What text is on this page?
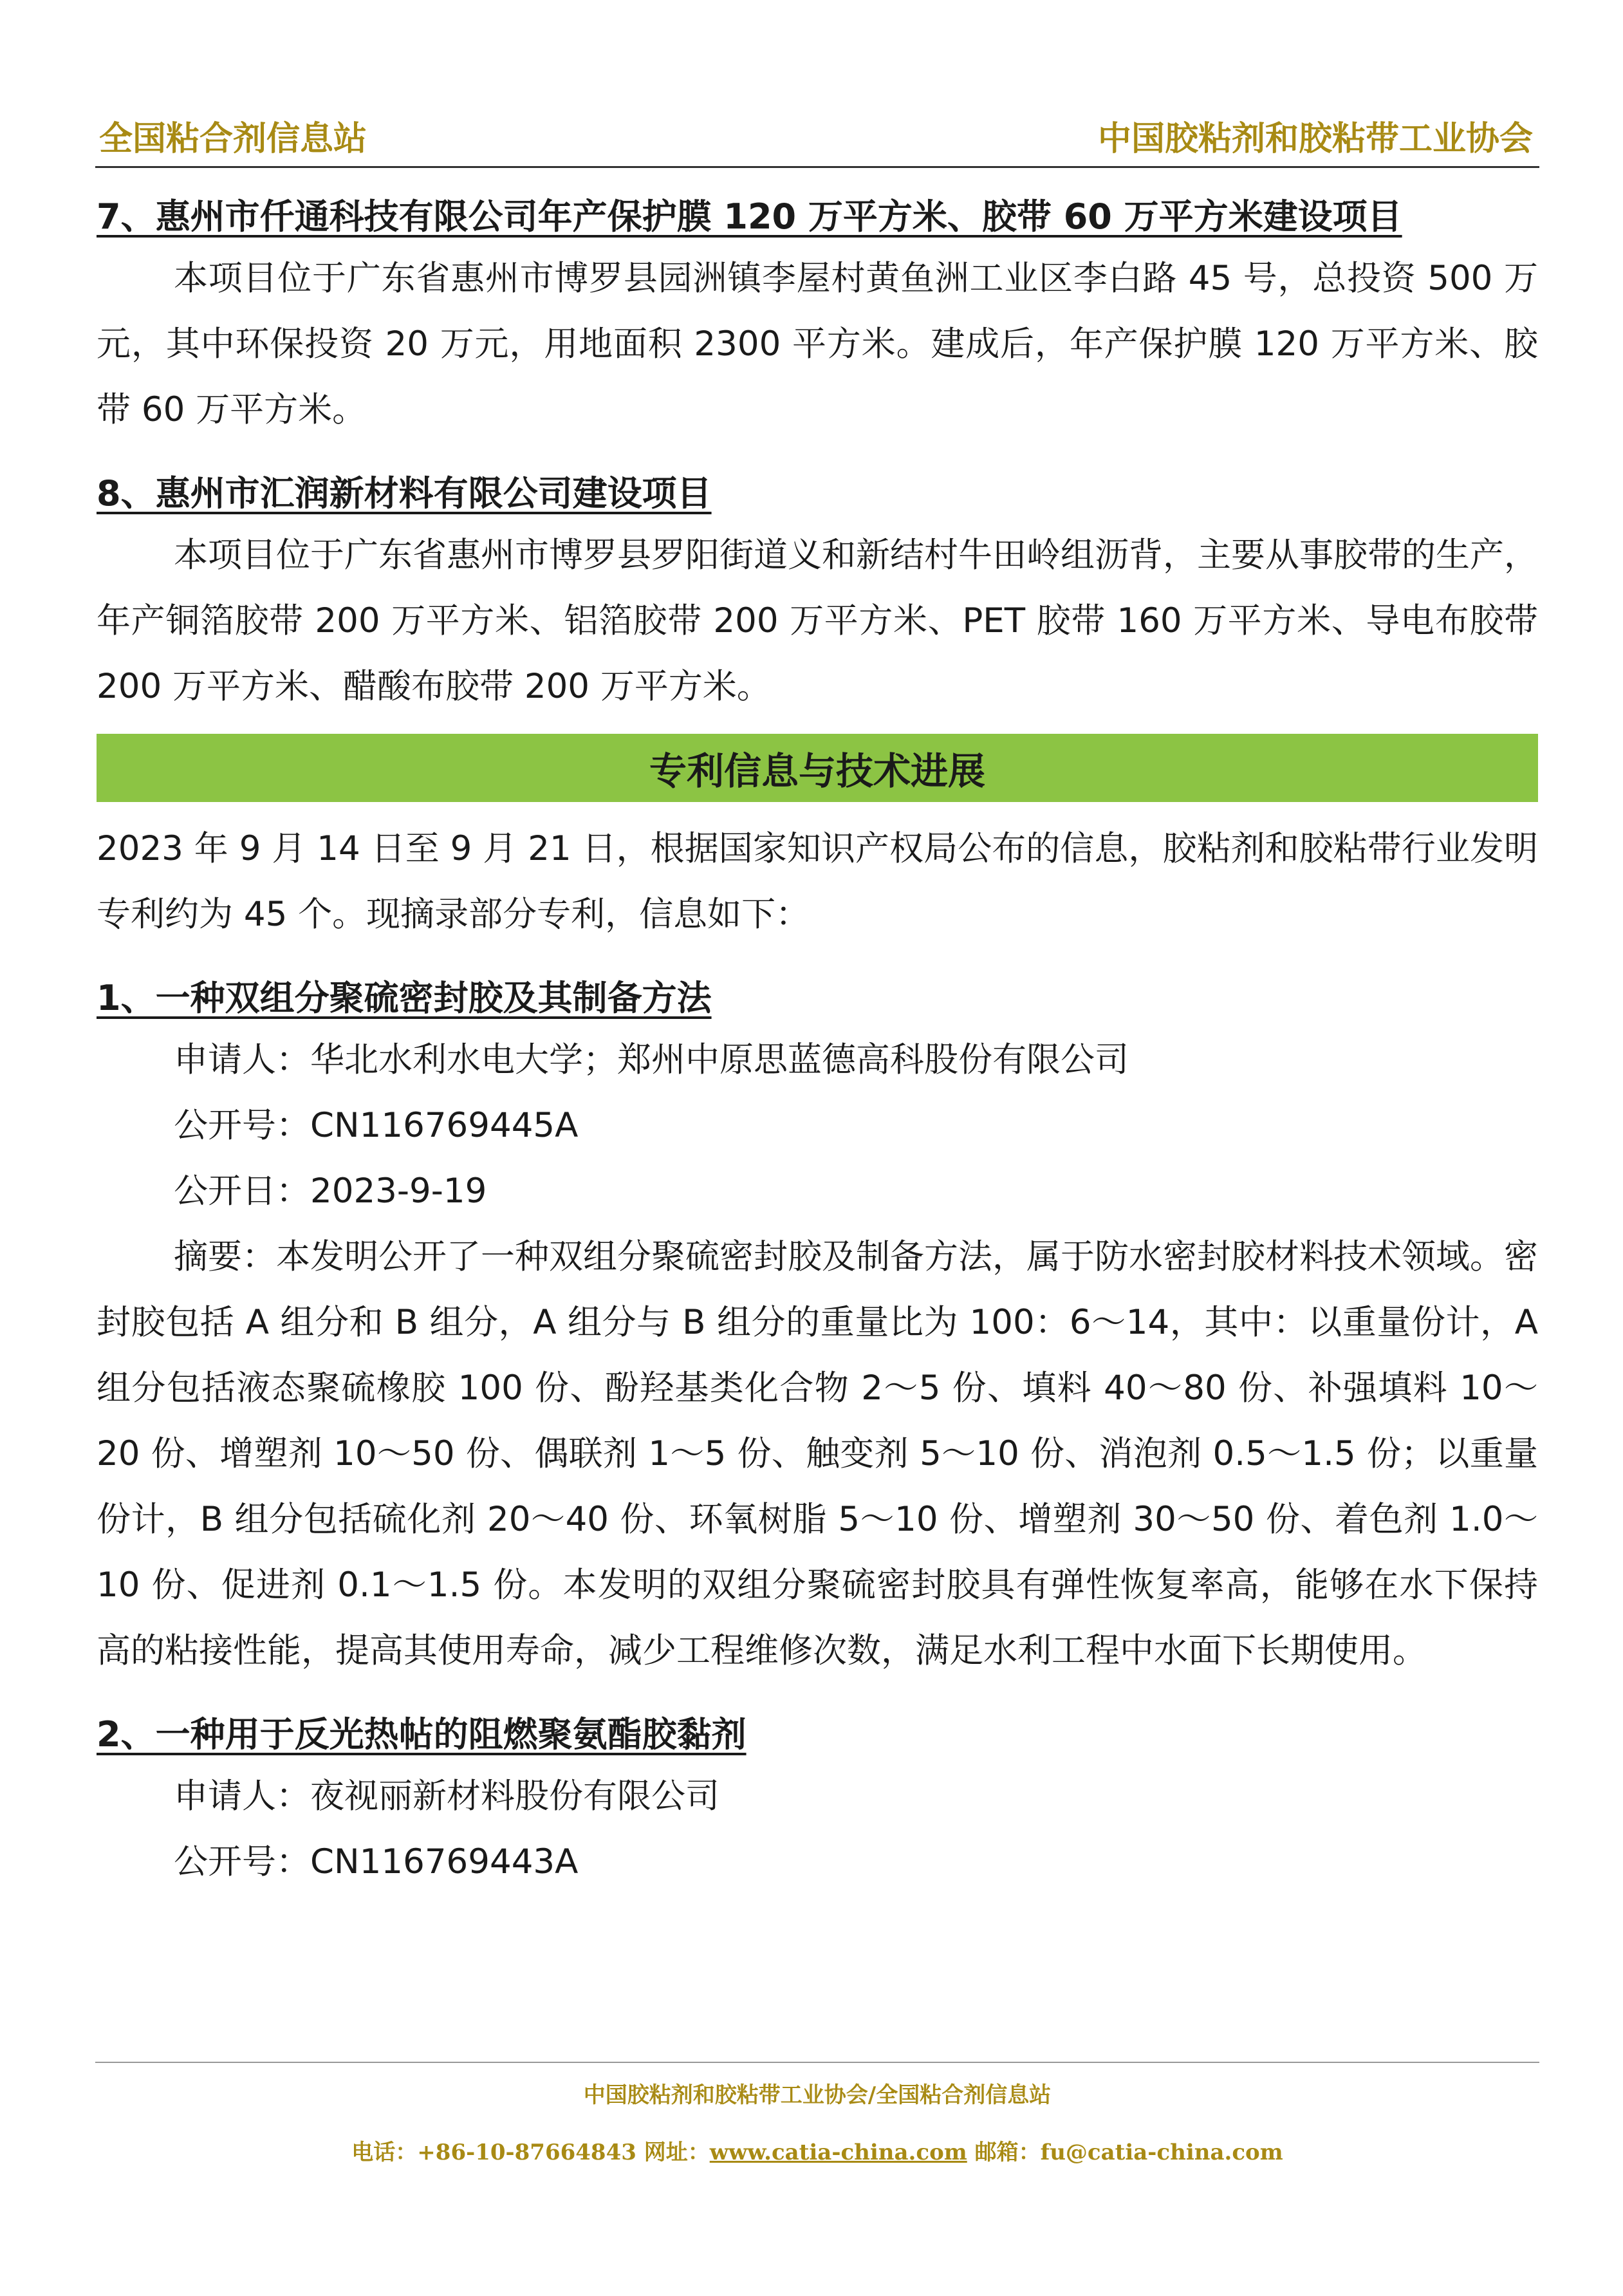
全国粘合剂信息站	中国胶粘剂和胶粘带工业协会
7、惠州市仟通科技有限公司年产保护膜 120 万平方米、胶带 60 万平方米建设项目

本项目位于广东省惠州市博罗县园洲镇李屋村黄鱼洲工业区李白路 45 号，总投资 500 万元，其中环保投资 20 万元，用地面积 2300 平方米。建成后，年产保护膜 120 万平方米、胶带 60 万平方米。

8、惠州市汇润新材料有限公司建设项目

本项目位于广东省惠州市博罗县罗阳街道义和新结村牛田岭组沥背，主要从事胶带的生产，年产铜箔胶带 200 万平方米、铝箔胶带 200 万平方米、PET 胶带 160 万平方米、导电布胶带 200 万平方米、醋酸布胶带 200 万平方米。

专利信息与技术进展

2023 年 9 月 14 日至 9 月 21 日，根据国家知识产权局公布的信息，胶粘剂和胶粘带行业发明专利约为 45 个。现摘录部分专利，信息如下：

1、一种双组分聚硫密封胶及其制备方法

申请人：华北水利水电大学；郑州中原思蓝德高科股份有限公司

公开号：CN116769445A

公开日：2023-9-19

摘要：本发明公开了一种双组分聚硫密封胶及制备方法，属于防水密封胶材料技术领域。密封胶包括 A 组分和 B 组分，A 组分与 B 组分的重量比为 100：6～14，其中：以重量份计，A 组分包括液态聚硫橡胶 100 份、酚羟基类化合物 2～5 份、填料 40～80 份、补强填料 10～20 份、增塑剂 10～50 份、偶联剂 1～5 份、触变剂 5～10 份、消泡剂 0.5～1.5 份；以重量份计，B 组分包括硫化剂 20～40 份、环氧树脂 5～10 份、增塑剂 30～50 份、着色剂 1.0～10 份、促进剂 0.1～1.5 份。本发明的双组分聚硫密封胶具有弹性恢复率高，能够在水下保持高的粘接性能，提高其使用寿命，减少工程维修次数，满足水利工程中水面下长期使用。

2、一种用于反光热帖的阻燃聚氨酯胶黏剂

申请人：夜视丽新材料股份有限公司

公开号：CN116769443A

中国胶粘剂和胶粘带工业协会/全国粘合剂信息站
电话：+86-10-87664843 网址：www.catia-china.com 邮箱：fu@catia-china.com
